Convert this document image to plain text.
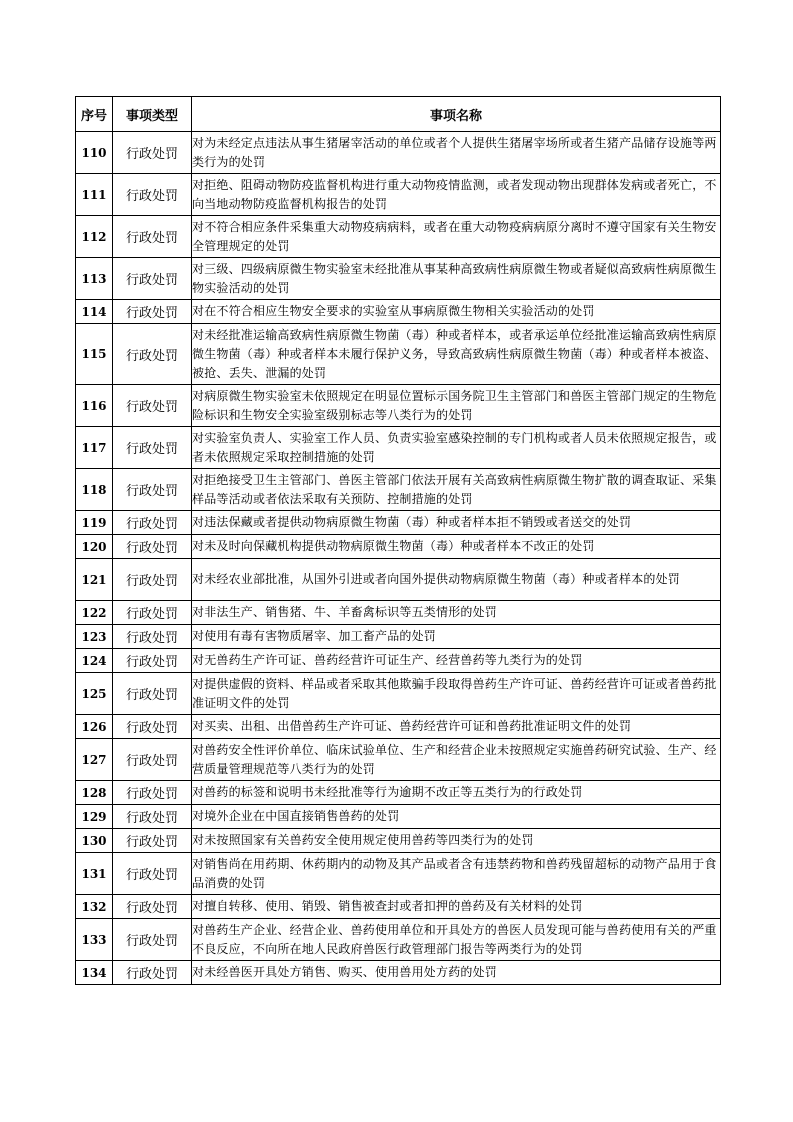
序号	事项类型	事项名称
110	行政处罚	对为未经定点违法从事生猪屠宰活动的单位或者个人提供生猪屠宰场所或者生猪产品储存设施等两类行为的处罚
111	行政处罚	对拒绝、阻碍动物防疫监督机构进行重大动物疫情监测，或者发现动物出现群体发病或者死亡，不向当地动物防疫监督机构报告的处罚
112	行政处罚	对不符合相应条件采集重大动物疫病病料，或者在重大动物疫病病原分离时不遵守国家有关生物安全管理规定的处罚
113	行政处罚	对三级、四级病原微生物实验室未经批准从事某种高致病性病原微生物或者疑似高致病性病原微生物实验活动的处罚
114	行政处罚	对在不符合相应生物安全要求的实验室从事病原微生物相关实验活动的处罚
115	行政处罚	对未经批准运输高致病性病原微生物菌（毒）种或者样本，或者承运单位经批准运输高致病性病原微生物菌（毒）种或者样本未履行保护义务，导致高致病性病原微生物菌（毒）种或者样本被盗、被抢、丢失、泄漏的处罚
116	行政处罚	对病原微生物实验室未依照规定在明显位置标示国务院卫生主管部门和兽医主管部门规定的生物危险标识和生物安全实验室级别标志等八类行为的处罚
117	行政处罚	对实验室负责人、实验室工作人员、负责实验室感染控制的专门机构或者人员未依照规定报告，或者未依照规定采取控制措施的处罚
118	行政处罚	对拒绝接受卫生主管部门、兽医主管部门依法开展有关高致病性病原微生物扩散的调查取证、采集样品等活动或者依法采取有关预防、控制措施的处罚
119	行政处罚	对违法保藏或者提供动物病原微生物菌（毒）种或者样本拒不销毁或者送交的处罚
120	行政处罚	对未及时向保藏机构提供动物病原微生物菌（毒）种或者样本不改正的处罚
121	行政处罚	对未经农业部批准，从国外引进或者向国外提供动物病原微生物菌（毒）种或者样本的处罚
122	行政处罚	对非法生产、销售猪、牛、羊畜禽标识等五类情形的处罚
123	行政处罚	对使用有毒有害物质屠宰、加工畜产品的处罚
124	行政处罚	对无兽药生产许可证、兽药经营许可证生产、经营兽药等九类行为的处罚
125	行政处罚	对提供虚假的资料、样品或者采取其他欺骗手段取得兽药生产许可证、兽药经营许可证或者兽药批准证明文件的处罚
126	行政处罚	对买卖、出租、出借兽药生产许可证、兽药经营许可证和兽药批准证明文件的处罚
127	行政处罚	对兽药安全性评价单位、临床试验单位、生产和经营企业未按照规定实施兽药研究试验、生产、经营质量管理规范等八类行为的处罚
128	行政处罚	对兽药的标签和说明书未经批准等行为逾期不改正等五类行为的行政处罚
129	行政处罚	对境外企业在中国直接销售兽药的处罚
130	行政处罚	对未按照国家有关兽药安全使用规定使用兽药等四类行为的处罚
131	行政处罚	对销售尚在用药期、休药期内的动物及其产品或者含有违禁药物和兽药残留超标的动物产品用于食品消费的处罚
132	行政处罚	对擅自转移、使用、销毁、销售被查封或者扣押的兽药及有关材料的处罚
133	行政处罚	对兽药生产企业、经营企业、兽药使用单位和开具处方的兽医人员发现可能与兽药使用有关的严重不良反应，不向所在地人民政府兽医行政管理部门报告等两类行为的处罚
134	行政处罚	对未经兽医开具处方销售、购买、使用兽用处方药的处罚
